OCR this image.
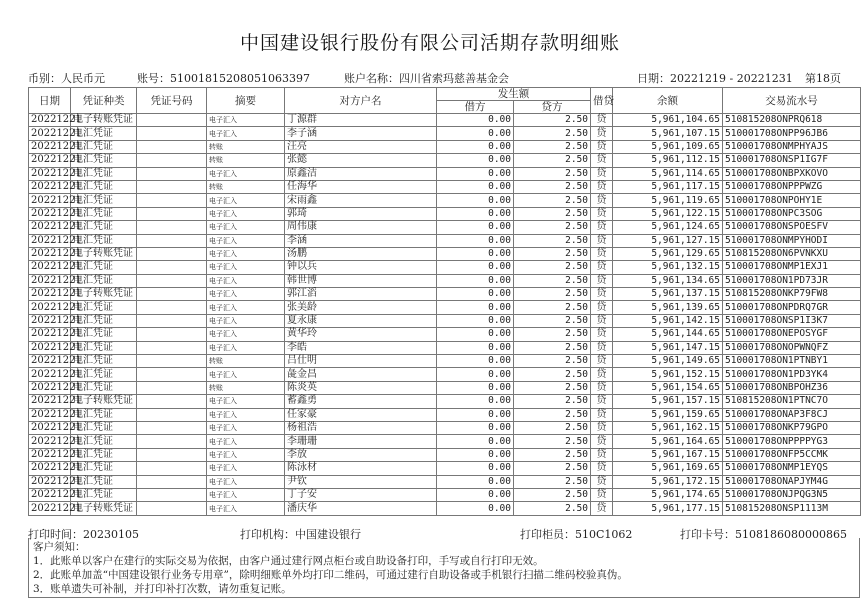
中国建设银行股份有限公司活期存款明细账
币别：人民币元	账号：51001815208051063397	账户名称：四川省索玛慈善基金会	日期：20221219 - 20221231 第18页
日期	凭证种类	凭证号码	摘要	对方户名	发生额		借贷	余额	交易流水号
					借方	贷方			
20221221	电子转账凭证		电子汇入	丁源群	0.00	2.50	贷	5,961,104.65	510815208ONPRQ618
20221221	电汇凭证		电子汇入	李子涵	0.00	2.50	贷	5,961,107.15	510001708ONPP96JB6
20221221	电汇凭证		转账	汪亮	0.00	2.50	贷	5,961,109.65	510001708ONMPHYAJS
20221221	电汇凭证		转账	张懿	0.00	2.50	贷	5,961,112.15	510001708ONSP1IG7F
20221221	电汇凭证		电子汇入	原鑫洁	0.00	2.50	贷	5,961,114.65	510001708ONBPXKOVO
20221221	电汇凭证		转账	任海华	0.00	2.50	贷	5,961,117.15	510001708ONPPPWZG
20221221	电汇凭证		电子汇入	宋雨鑫	0.00	2.50	贷	5,961,119.65	510001708ONPOHY1E
20221221	电汇凭证		电子汇入	郭琦	0.00	2.50	贷	5,961,122.15	510001708ONPC3SOG
20221221	电汇凭证		电子汇入	周伟康	0.00	2.50	贷	5,961,124.65	510001708ONSPOESFV
20221221	电汇凭证		电子汇入	李涵	0.00	2.50	贷	5,961,127.15	510001708ONMPYHODI
20221221	电子转账凭证		电子汇入	汤鹏	0.00	2.50	贷	5,961,129.65	510815208ON6PVNKXU
20221221	电汇凭证		电子汇入	钟以兵	0.00	2.50	贷	5,961,132.15	510001708ONMP1EXJ1
20221221	电汇凭证		电子汇入	韩世博	0.00	2.50	贷	5,961,134.65	510001708ON1PD73JR
20221221	电子转账凭证		电子汇入	郭江滔	0.00	2.50	贷	5,961,137.15	510815208ONKP79FW8
20221221	电汇凭证		电子汇入	张美龄	0.00	2.50	贷	5,961,139.65	510001708ONPDRQ7GR
20221221	电汇凭证		电子汇入	夏永康	0.00	2.50	贷	5,961,142.15	510001708ONSP1I3K7
20221221	电汇凭证		电子汇入	黄华玲	0.00	2.50	贷	5,961,144.65	510001708ONEPOSYGF
20221221	电汇凭证		电子汇入	李皓	0.00	2.50	贷	5,961,147.15	510001708ONOPWNQFZ
20221221	电汇凭证		转账	吕仕明	0.00	2.50	贷	5,961,149.65	510001708ON1PTNBY1
20221221	电汇凭证		电子汇入	彘金昌	0.00	2.50	贷	5,961,152.15	510001708ON1PD3YK4
20221221	电汇凭证		转账	陈炎英	0.00	2.50	贷	5,961,154.65	510001708ONBPOHZ36
20221221	电子转账凭证		电子汇入	蓄鑫勇	0.00	2.50	贷	5,961,157.15	510815208ON1PTNC7O
20221221	电汇凭证		电子汇入	任家豪	0.00	2.50	贷	5,961,159.65	510001708ONAP3F8CJ
20221221	电汇凭证		电子汇入	杨祖浩	0.00	2.50	贷	5,961,162.15	510001708ONKP79GPO
20221221	电汇凭证		电子汇入	李珊珊	0.00	2.50	贷	5,961,164.65	510001708ONPPPPYG3
20221221	电汇凭证		电子汇入	李放	0.00	2.50	贷	5,961,167.15	510001708ONFP5CCMK
20221221	电汇凭证		电子汇入	陈泳材	0.00	2.50	贷	5,961,169.65	510001708ONMP1EYQS
20221221	电汇凭证		电子汇入	尹钦	0.00	2.50	贷	5,961,172.15	510001708ONAPJYM4G
20221221	电汇凭证		电子汇入	丁子安	0.00	2.50	贷	5,961,174.65	510001708ONJPQG3N5
20221221	电子转账凭证		电子汇入	潘庆华	0.00	2.50	贷	5,961,177.15	510815208ONSP1113M
打印时间：20230105	打印机构：中国建设银行	打印柜员：510C1062	打印卡号：5108186080000865
客户须知：
1．此账单以客户在建行的实际交易为依据，由客户通过建行网点柜台或自助设备打印，手写或自行打印无效。
2．此账单加盖“中国建设银行业务专用章”，除明细账单外均打印二维码，可通过建行自助设备或手机银行扫描二维码校验真伪。
3．账单遗失可补制，并打印补打次数，请勿重复记账。
